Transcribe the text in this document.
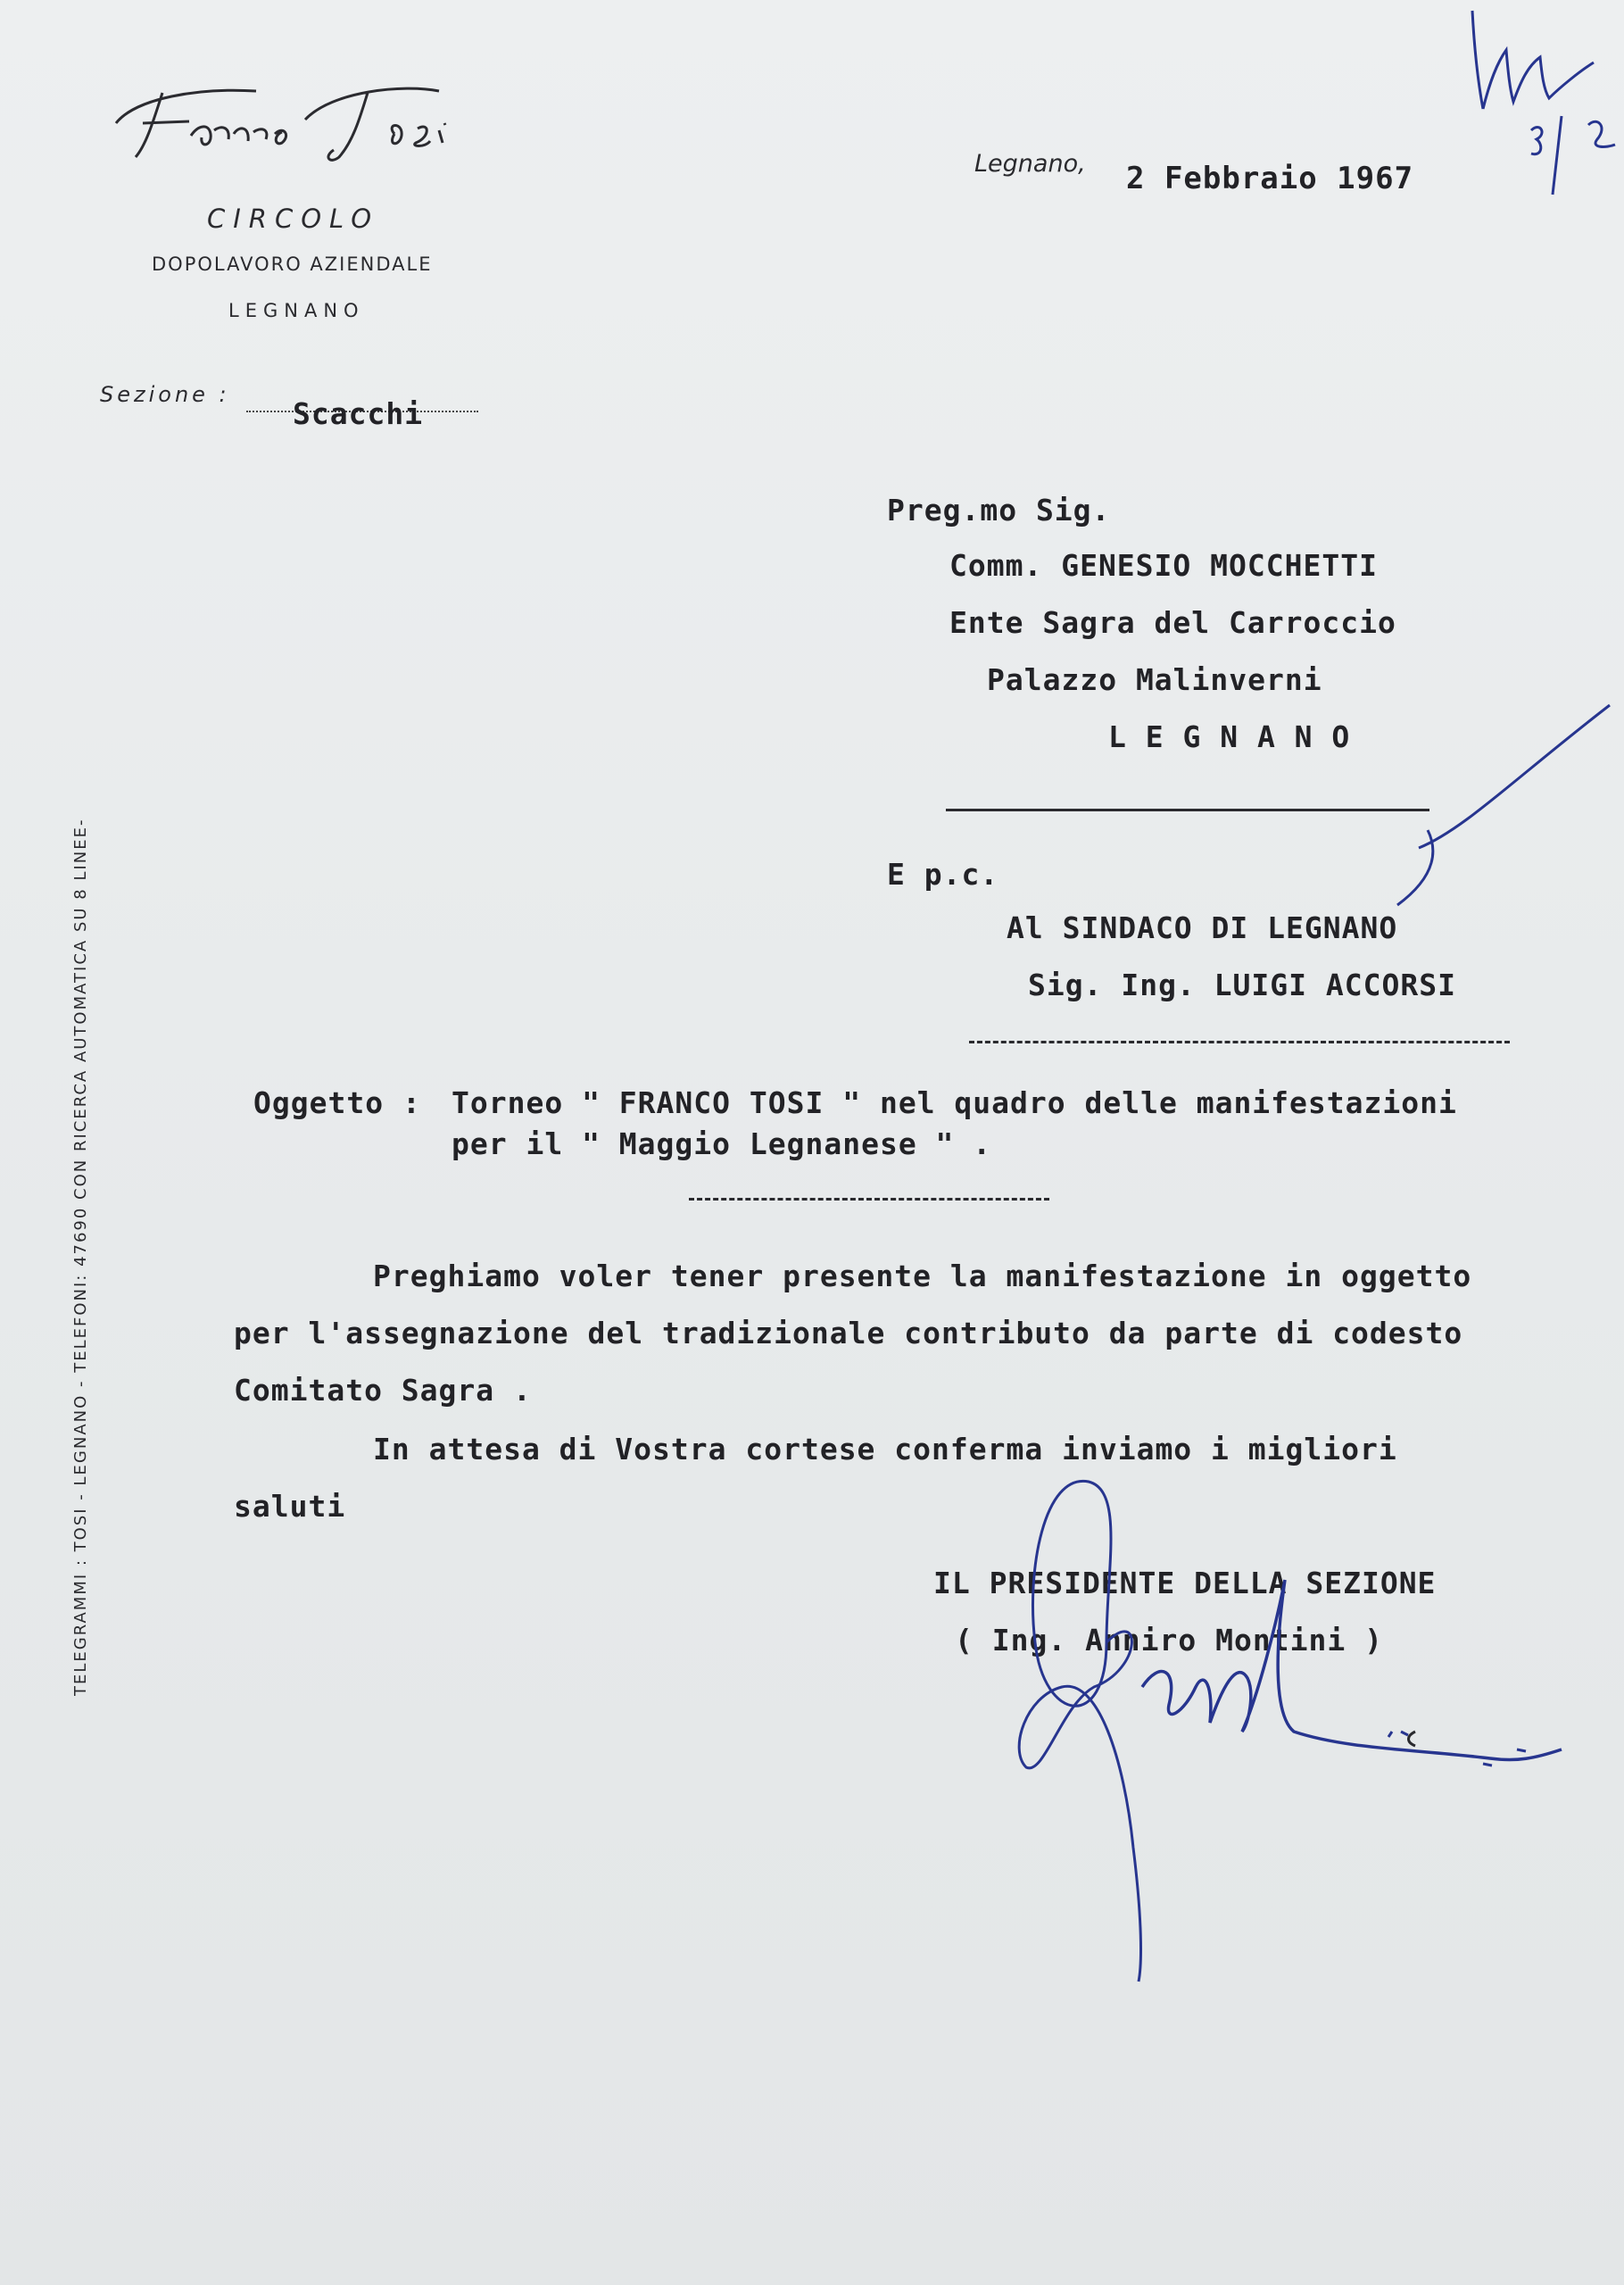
Franco Tosi
CIRCOLO
DOPOLAVORO AZIENDALE
LEGNANO
Sezione :
Scacchi
Legnano, 2 Febbraio 1967
Preg.mo Sig.
Comm. GENESIO MOCCHETTI
Ente Sagra del Carroccio
Palazzo Malinverni
L E G N A N O
E p.c.
Al SINDACO DI LEGNANO
Sig. Ing. LUIGI ACCORSI
Oggetto : Torneo " FRANCO TOSI " nel quadro delle manifestazioni
per il " Maggio Legnanese " .
Preghiamo voler tener presente la manifestazione in oggetto
per l'assegnazione del tradizionale contributo da parte di codesto
Comitato Sagra .
In attesa di Vostra cortese conferma inviamo i migliori
saluti
IL PRESIDENTE DELLA SEZIONE
( Ing. Anniro Montini )
TELEGRAMMI : TOSI - LEGNANO - TELEFONI: 47690 CON RICERCA AUTOMATICA SU 8 LINEE-
